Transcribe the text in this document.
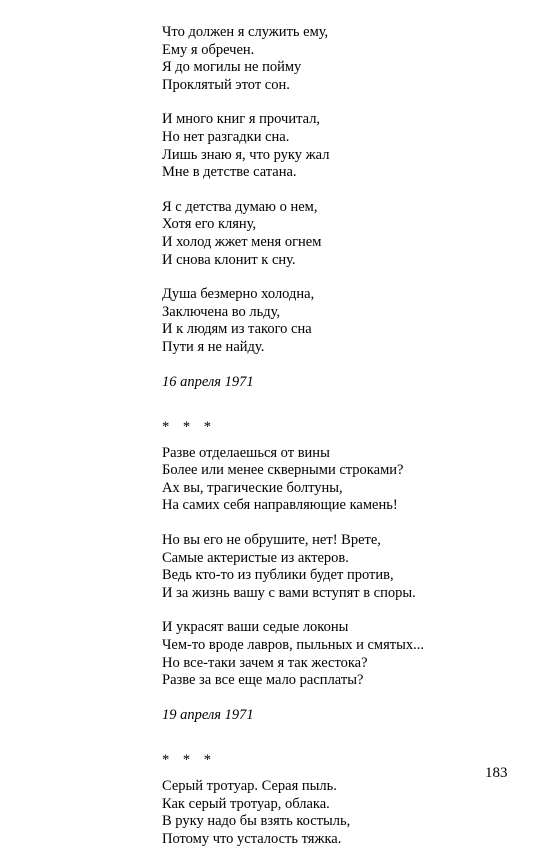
Что должен я служить ему,
Ему я обречен.
Я до могилы не пойму
Проклятый этот сон.
И много книг я прочитал,
Но нет разгадки сна.
Лишь знаю я, что руку жал
Мне в детстве сатана.
Я с детства думаю о нем,
Хотя его кляну,
И холод жжет меня огнем
И снова клонит к сну.
Душа безмерно холодна,
Заключена во льду,
И к людям из такого сна
Пути я не найду.
16 апреля 1971
* * *
Разве отделаешься от вины
Более или менее скверными строками?
Ах вы, трагические болтуны,
На самих себя направляющие камень!
Но вы его не обрушите, нет! Врете,
Самые актеристые из актеров.
Ведь кто-то из публики будет против,
И за жизнь вашу с вами вступят в споры.
И украсят ваши седые локоны
Чем-то вроде лавров, пыльных и смятых...
Но все-таки зачем я так жестока?
Разве за все еще мало расплаты?
19 апреля 1971
* * *
Серый тротуар. Серая пыль.
Как серый тротуар, облака.
В руку надо бы взять костыль,
Потому что усталость тяжка.
183
